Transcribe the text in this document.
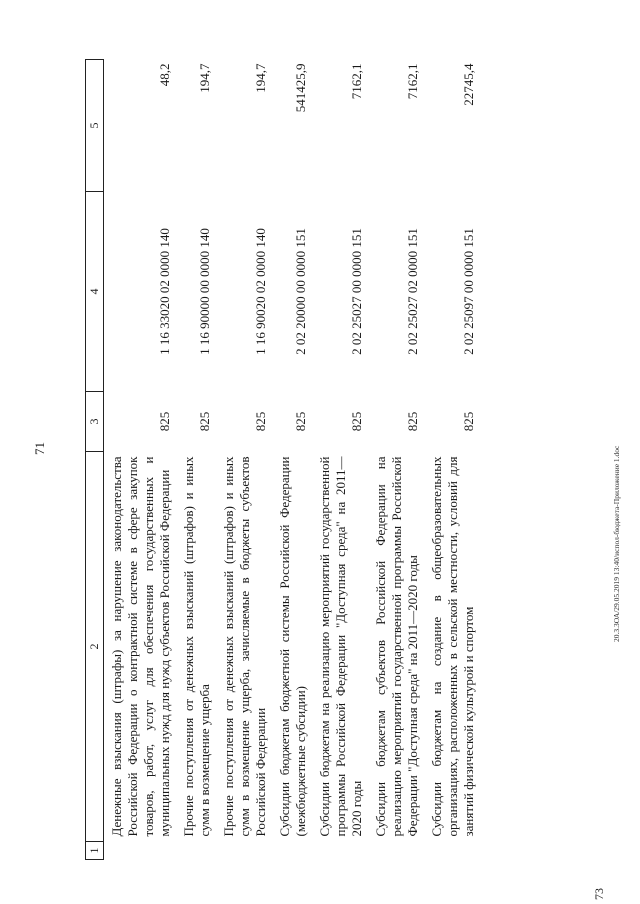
71	20.3.3ОА/29.05.2019 13:40/испол-бюджета-Приложение 1.doc
73
1	2	3	4	5
	Денежные взыскания (штрафы) за нарушение законодательства Российской Федерации о контрактной системе в сфере закупок товаров, работ, услуг для обеспечения государственных и муниципальных нужд для нужд субъектов Российской Федерации	825	1 16 33020 02 0000 140	48,2
	Прочие поступления от денежных взысканий (штрафов) и иных сумм в возмещение ущерба	825	1 16 90000 00 0000 140	194,7
	Прочие поступления от денежных взысканий (штрафов) и иных сумм в возмещение ущерба, зачисляемые в бюджеты субъектов Российской Федерации	825	1 16 90020 02 0000 140	194,7
	Субсидии бюджетам бюджетной системы Российской Федерации (межбюджетные субсидии)	825	2 02 20000 00 0000 151	541425,9
	Субсидии бюджетам на реализацию мероприятий государственной программы Российской Федерации "Доступная среда" на 2011—2020 годы	825	2 02 25027 00 0000 151	7162,1
	Субсидии бюджетам субъектов Российской Федерации на реализацию мероприятий государственной программы Российской Федерации "Доступная среда" на 2011—2020 годы	825	2 02 25027 02 0000 151	7162,1
	Субсидии бюджетам на создание в общеобразовательных организациях, расположенных в сельской местности, условий для занятий физической культурой и спортом	825	2 02 25097 00 0000 151	22745,4
